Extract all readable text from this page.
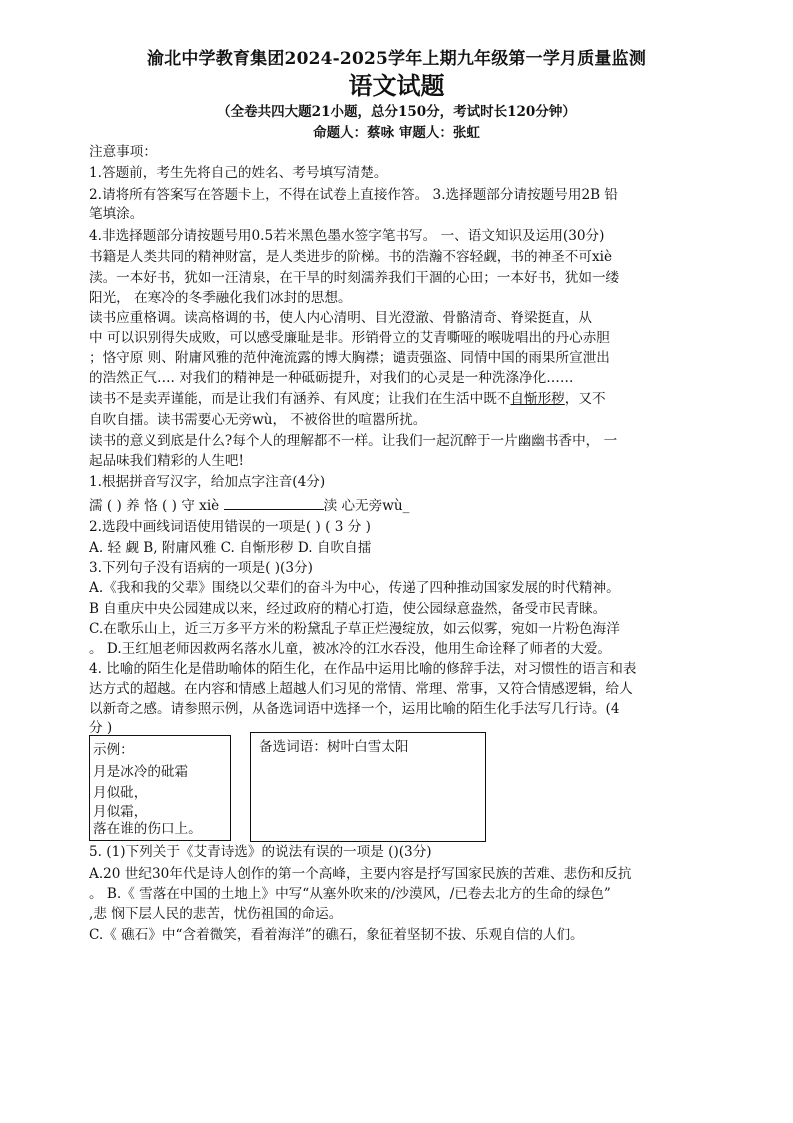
渝北中学教育集团2024-2025学年上期九年级第一学月质量监测
语文试题
（全卷共四大题21小题，总分150分，考试时长120分钟）
命题人：蔡咏 审题人：张虹
注意事项：
1.答题前，考生先将自己的姓名、考号填写清楚。
2.请将所有答案写在答题卡上，不得在试卷上直接作答。 3.选择题部分请按题号用2B 铅
笔填涂。
4.非选择题部分请按题号用0.5若米黑色墨水签字笔书写。 一、语文知识及运用(30分)
书籍是人类共同的精神财富，是人类进步的阶梯。书的浩瀚不容轻觑，书的神圣不可xiè
渎。一本好书，犹如一汪清泉，在干旱的时刻濡养我们干涸的心田；一本好书，犹如一缕
阳光， 在寒冷的冬季融化我们冰封的思想。
读书应重格调。读高格调的书，使人内心清明、目光澄澈、骨骼清奇、脊梁挺直，从
中 可以识别得失成败，可以感受廉耻是非。形销骨立的艾青嘶哑的喉咙唱出的丹心赤胆
；恪守原 则、附庸风雅的范仲淹流露的博大胸襟；谴责强盗、同情中国的雨果所宣泄出
的浩然正气…. 对我们的精神是一种砥砺提升，对我们的心灵是一种洗涤净化……
读书不是卖弄谨能，而是让我们有涵养、有风度；让我们在生活中既不自惭形秽，又不
自吹自擂。读书需要心无旁wù， 不被俗世的喧嚣所扰。
读书的意义到底是什么?每个人的理解都不一样。让我们一起沉醉于一片幽幽书香中， 一
起品味我们精彩的人生吧!
1.根据拼音写汉字，给加点字注音(4分)
濡 ( ) 养 恪 ( ) 守 xiè	渎 心无旁wù_
2.选段中画线词语使用错误的一项是( ) ( 3 分 )
A. 轻 觑 B, 附庸风雅 C. 自惭形秽 D. 自吹自擂
3.下列句子没有语病的一项是( )(3分)
A.《我和我的父辈》围绕以父辈们的奋斗为中心，传递了四种推动国家发展的时代精神。
B 自重庆中央公园建成以来，经过政府的精心打造，使公园绿意盎然，备受市民青睐。
C.在歌乐山上，近三万多平方米的粉黛乱子草正烂漫绽放，如云似雾，宛如一片粉色海洋
。 D.王红旭老师因救两名落水儿童，被冰冷的江水吞没，他用生命诠释了师者的大爱。
4. 比喻的陌生化是借助喻体的陌生化，在作品中运用比喻的修辞手法，对习惯性的语言和表
达方式的超越。在内容和情感上超越人们习见的常情、常理、常事，又符合情感逻辑，给人
以新奇之感。请参照示例，从备选词语中选择一个，运用比喻的陌生化手法写几行诗。(4
分 )
示例：
月是冰冷的砒霜
月似砒，
月似霜，
落在谁的伤口上。
备选词语：树叶白雪太阳
5. (1)下列关于《艾青诗选》的说法有误的一项是 ()(3分)
A.20 世纪30年代是诗人创作的第一个高峰，主要内容是抒写国家民族的苦难、悲伤和反抗
。 B.《 雪落在中国的土地上》中写“从塞外吹来的/沙漠风，/已卷去北方的生命的绿色”
,悲 悯下层人民的悲苦，忧伤祖国的命运。
C.《 礁石》中“含着微笑，看着海洋”的礁石，象征着坚韧不拔、乐观自信的人们。
